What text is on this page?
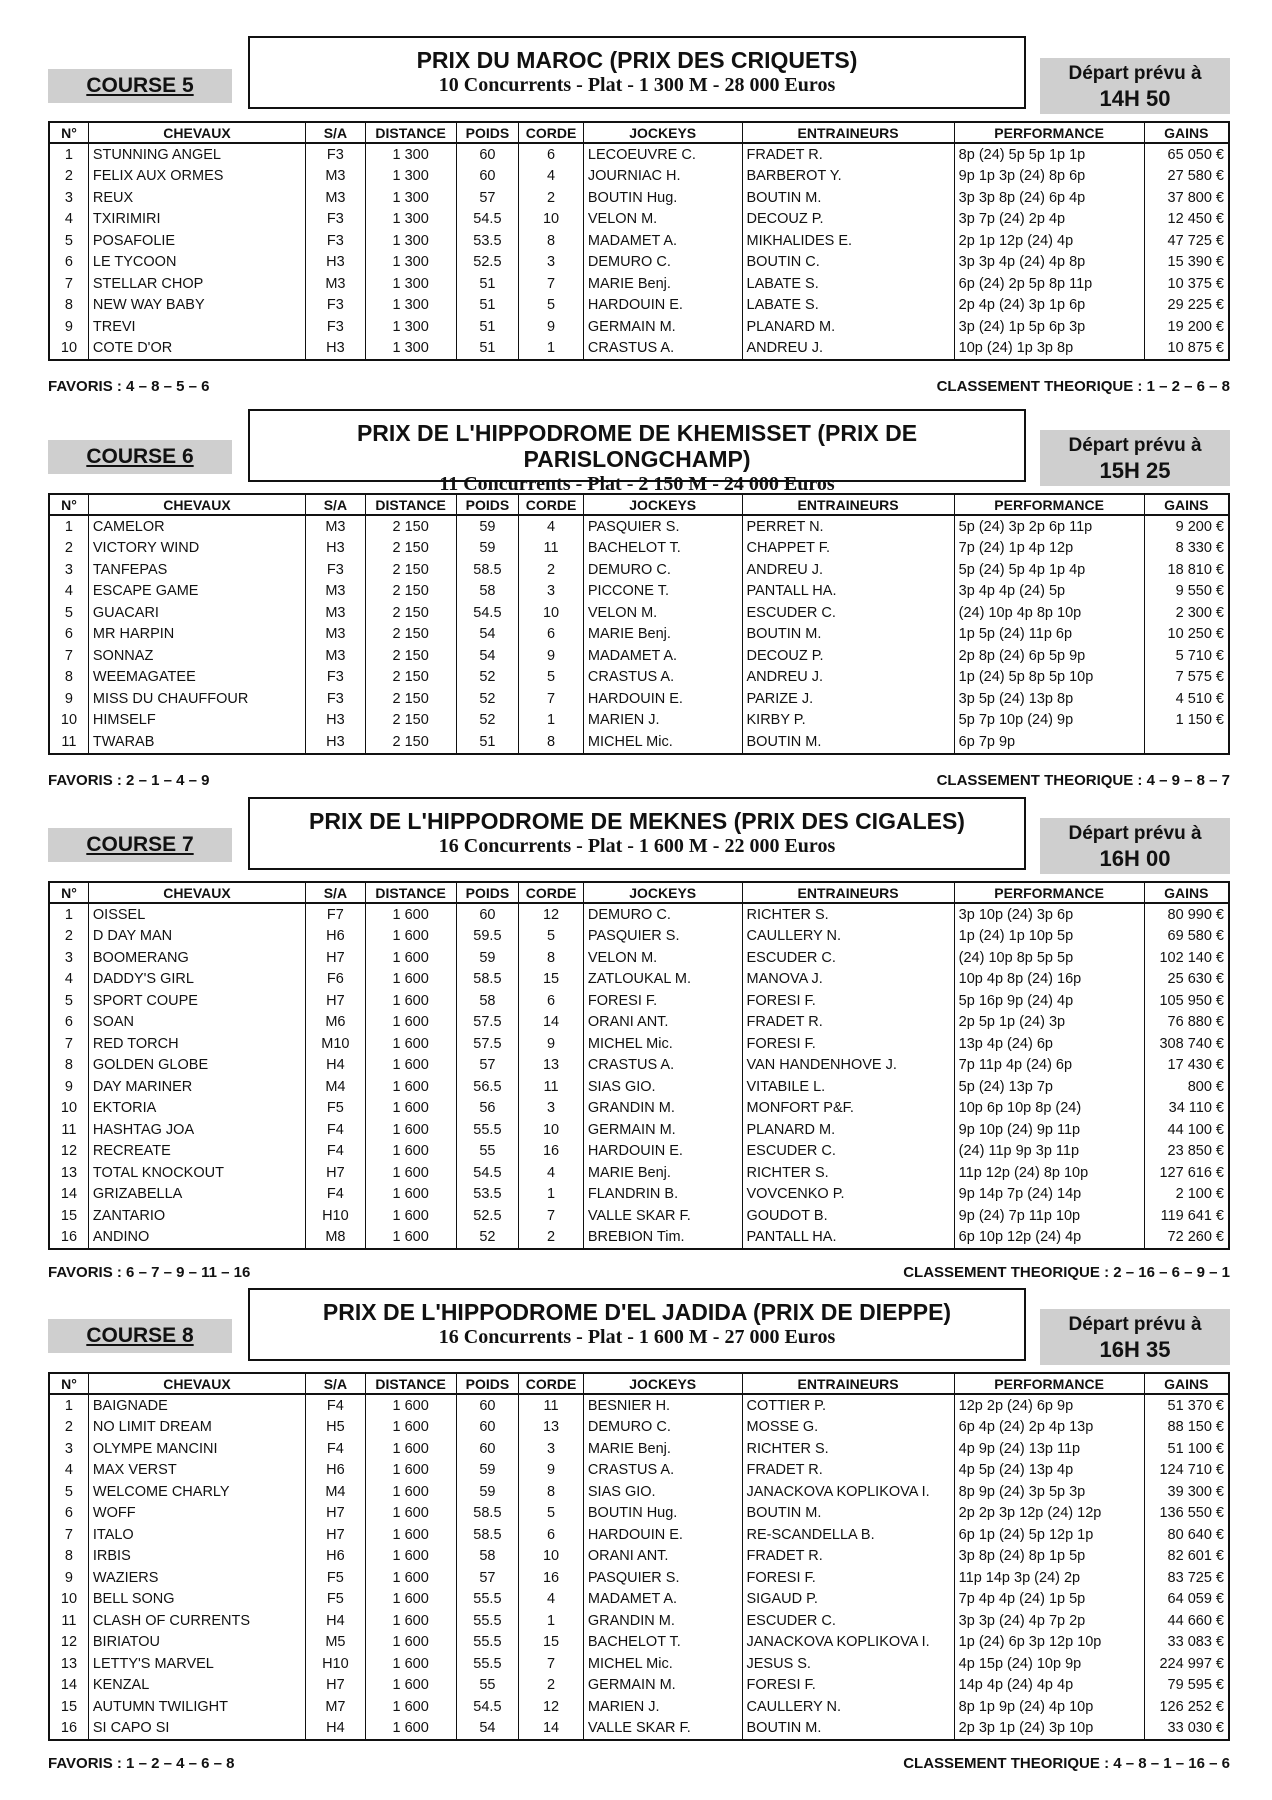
COURSE 5
PRIX DU MAROC (PRIX DES CRIQUETS)
10 Concurrents - Plat - 1 300 M - 28 000 Euros
Départ prévu à
14H 50
N°	CHEVAUX	S/A	DISTANCE	POIDS	CORDE	JOCKEYS	ENTRAINEURS	PERFORMANCE	GAINS
1	STUNNING ANGEL	F3	1 300	60	6	LECOEUVRE C.	FRADET R.	8p (24) 5p 5p 1p 1p	65 050 €
2	FELIX AUX ORMES	M3	1 300	60	4	JOURNIAC H.	BARBEROT Y.	9p 1p 3p (24) 8p 6p	27 580 €
3	REUX	M3	1 300	57	2	BOUTIN Hug.	BOUTIN M.	3p 3p 8p (24) 6p 4p	37 800 €
4	TXIRIMIRI	F3	1 300	54.5	10	VELON M.	DECOUZ P.	3p 7p (24) 2p 4p	12 450 €
5	POSAFOLIE	F3	1 300	53.5	8	MADAMET A.	MIKHALIDES E.	2p 1p 12p (24) 4p	47 725 €
6	LE TYCOON	H3	1 300	52.5	3	DEMURO C.	BOUTIN C.	3p 3p 4p (24) 4p 8p	15 390 €
7	STELLAR CHOP	M3	1 300	51	7	MARIE Benj.	LABATE S.	6p (24) 2p 5p 8p 11p	10 375 €
8	NEW WAY BABY	F3	1 300	51	5	HARDOUIN E.	LABATE S.	2p 4p (24) 3p 1p 6p	29 225 €
9	TREVI	F3	1 300	51	9	GERMAIN M.	PLANARD M.	3p (24) 1p 5p 6p 3p	19 200 €
10	COTE D'OR	H3	1 300	51	1	CRASTUS A.	ANDREU J.	10p (24) 1p 3p 8p	10 875 €
FAVORIS : 4 – 8 – 5 – 6	CLASSEMENT THEORIQUE : 1 – 2 – 6 – 8
COURSE 6
PRIX DE L'HIPPODROME DE KHEMISSET (PRIX DE PARISLONGCHAMP)
11 Concurrents - Plat - 2 150 M - 24 000 Euros
Départ prévu à
15H 25
N°	CHEVAUX	S/A	DISTANCE	POIDS	CORDE	JOCKEYS	ENTRAINEURS	PERFORMANCE	GAINS
1	CAMELOR	M3	2 150	59	4	PASQUIER S.	PERRET N.	5p (24) 3p 2p 6p 11p	9 200 €
2	VICTORY WIND	H3	2 150	59	11	BACHELOT T.	CHAPPET F.	7p (24) 1p 4p 12p	8 330 €
3	TANFEPAS	F3	2 150	58.5	2	DEMURO C.	ANDREU J.	5p (24) 5p 4p 1p 4p	18 810 €
4	ESCAPE GAME	M3	2 150	58	3	PICCONE T.	PANTALL HA.	3p 4p 4p (24) 5p	9 550 €
5	GUACARI	M3	2 150	54.5	10	VELON M.	ESCUDER C.	(24) 10p 4p 8p 10p	2 300 €
6	MR HARPIN	M3	2 150	54	6	MARIE Benj.	BOUTIN M.	1p 5p (24) 11p 6p	10 250 €
7	SONNAZ	M3	2 150	54	9	MADAMET A.	DECOUZ P.	2p 8p (24) 6p 5p 9p	5 710 €
8	WEEMAGATEE	F3	2 150	52	5	CRASTUS A.	ANDREU J.	1p (24) 5p 8p 5p 10p	7 575 €
9	MISS DU CHAUFFOUR	F3	2 150	52	7	HARDOUIN E.	PARIZE J.	3p 5p (24) 13p 8p	4 510 €
10	HIMSELF	H3	2 150	52	1	MARIEN J.	KIRBY P.	5p 7p 10p (24) 9p	1 150 €
11	TWARAB	H3	2 150	51	8	MICHEL Mic.	BOUTIN M.	6p 7p 9p	
FAVORIS : 2 – 1 – 4 – 9	CLASSEMENT THEORIQUE : 4 – 9 – 8 – 7
COURSE 7
PRIX DE L'HIPPODROME DE MEKNES (PRIX DES CIGALES)
16 Concurrents - Plat - 1 600 M - 22 000 Euros
Départ prévu à
16H 00
N°	CHEVAUX	S/A	DISTANCE	POIDS	CORDE	JOCKEYS	ENTRAINEURS	PERFORMANCE	GAINS
1	OISSEL	F7	1 600	60	12	DEMURO C.	RICHTER S.	3p 10p (24) 3p 6p	80 990 €
2	D DAY MAN	H6	1 600	59.5	5	PASQUIER S.	CAULLERY N.	1p (24) 1p 10p 5p	69 580 €
3	BOOMERANG	H7	1 600	59	8	VELON M.	ESCUDER C.	(24) 10p 8p 5p 5p	102 140 €
4	DADDY'S GIRL	F6	1 600	58.5	15	ZATLOUKAL M.	MANOVA J.	10p 4p 8p (24) 16p	25 630 €
5	SPORT COUPE	H7	1 600	58	6	FORESI F.	FORESI F.	5p 16p 9p (24) 4p	105 950 €
6	SOAN	M6	1 600	57.5	14	ORANI ANT.	FRADET R.	2p 5p 1p (24) 3p	76 880 €
7	RED TORCH	M10	1 600	57.5	9	MICHEL Mic.	FORESI F.	13p 4p (24) 6p	308 740 €
8	GOLDEN GLOBE	H4	1 600	57	13	CRASTUS A.	VAN HANDENHOVE J.	7p 11p 4p (24) 6p	17 430 €
9	DAY MARINER	M4	1 600	56.5	11	SIAS GIO.	VITABILE L.	5p (24) 13p 7p	800 €
10	EKTORIA	F5	1 600	56	3	GRANDIN M.	MONFORT P&F.	10p 6p 10p 8p (24)	34 110 €
11	HASHTAG JOA	F4	1 600	55.5	10	GERMAIN M.	PLANARD M.	9p 10p (24) 9p 11p	44 100 €
12	RECREATE	F4	1 600	55	16	HARDOUIN E.	ESCUDER C.	(24) 11p 9p 3p 11p	23 850 €
13	TOTAL KNOCKOUT	H7	1 600	54.5	4	MARIE Benj.	RICHTER S.	11p 12p (24) 8p 10p	127 616 €
14	GRIZABELLA	F4	1 600	53.5	1	FLANDRIN B.	VOVCENKO P.	9p 14p 7p (24) 14p	2 100 €
15	ZANTARIO	H10	1 600	52.5	7	VALLE SKAR F.	GOUDOT B.	9p (24) 7p 11p 10p	119 641 €
16	ANDINO	M8	1 600	52	2	BREBION Tim.	PANTALL HA.	6p 10p 12p (24) 4p	72 260 €
FAVORIS : 6 – 7 – 9 – 11 – 16	CLASSEMENT THEORIQUE : 2 – 16 – 6 – 9 – 1
COURSE 8
PRIX DE L'HIPPODROME D'EL JADIDA (PRIX DE DIEPPE)
16 Concurrents - Plat - 1 600 M - 27 000 Euros
Départ prévu à
16H 35
N°	CHEVAUX	S/A	DISTANCE	POIDS	CORDE	JOCKEYS	ENTRAINEURS	PERFORMANCE	GAINS
1	BAIGNADE	F4	1 600	60	11	BESNIER H.	COTTIER P.	12p 2p (24) 6p 9p	51 370 €
2	NO LIMIT DREAM	H5	1 600	60	13	DEMURO C.	MOSSE G.	6p 4p (24) 2p 4p 13p	88 150 €
3	OLYMPE MANCINI	F4	1 600	60	3	MARIE Benj.	RICHTER S.	4p 9p (24) 13p 11p	51 100 €
4	MAX VERST	H6	1 600	59	9	CRASTUS A.	FRADET R.	4p 5p (24) 13p 4p	124 710 €
5	WELCOME CHARLY	M4	1 600	59	8	SIAS GIO.	JANACKOVA KOPLIKOVA I.	8p 9p (24) 3p 5p 3p	39 300 €
6	WOFF	H7	1 600	58.5	5	BOUTIN Hug.	BOUTIN M.	2p 2p 3p 12p (24) 12p	136 550 €
7	ITALO	H7	1 600	58.5	6	HARDOUIN E.	RE-SCANDELLA B.	6p 1p (24) 5p 12p 1p	80 640 €
8	IRBIS	H6	1 600	58	10	ORANI ANT.	FRADET R.	3p 8p (24) 8p 1p 5p	82 601 €
9	WAZIERS	F5	1 600	57	16	PASQUIER S.	FORESI F.	11p 14p 3p (24) 2p	83 725 €
10	BELL SONG	F5	1 600	55.5	4	MADAMET A.	SIGAUD P.	7p 4p 4p (24) 1p 5p	64 059 €
11	CLASH OF CURRENTS	H4	1 600	55.5	1	GRANDIN M.	ESCUDER C.	3p 3p (24) 4p 7p 2p	44 660 €
12	BIRIATOU	M5	1 600	55.5	15	BACHELOT T.	JANACKOVA KOPLIKOVA I.	1p (24) 6p 3p 12p 10p	33 083 €
13	LETTY'S MARVEL	H10	1 600	55.5	7	MICHEL Mic.	JESUS S.	4p 15p (24) 10p 9p	224 997 €
14	KENZAL	H7	1 600	55	2	GERMAIN M.	FORESI F.	14p 4p (24) 4p 4p	79 595 €
15	AUTUMN TWILIGHT	M7	1 600	54.5	12	MARIEN J.	CAULLERY N.	8p 1p 9p (24) 4p 10p	126 252 €
16	SI CAPO SI	H4	1 600	54	14	VALLE SKAR F.	BOUTIN M.	2p 3p 1p (24) 3p 10p	33 030 €
FAVORIS : 1 – 2 – 4 – 6 – 8	CLASSEMENT THEORIQUE : 4 – 8 – 1 – 16 – 6
